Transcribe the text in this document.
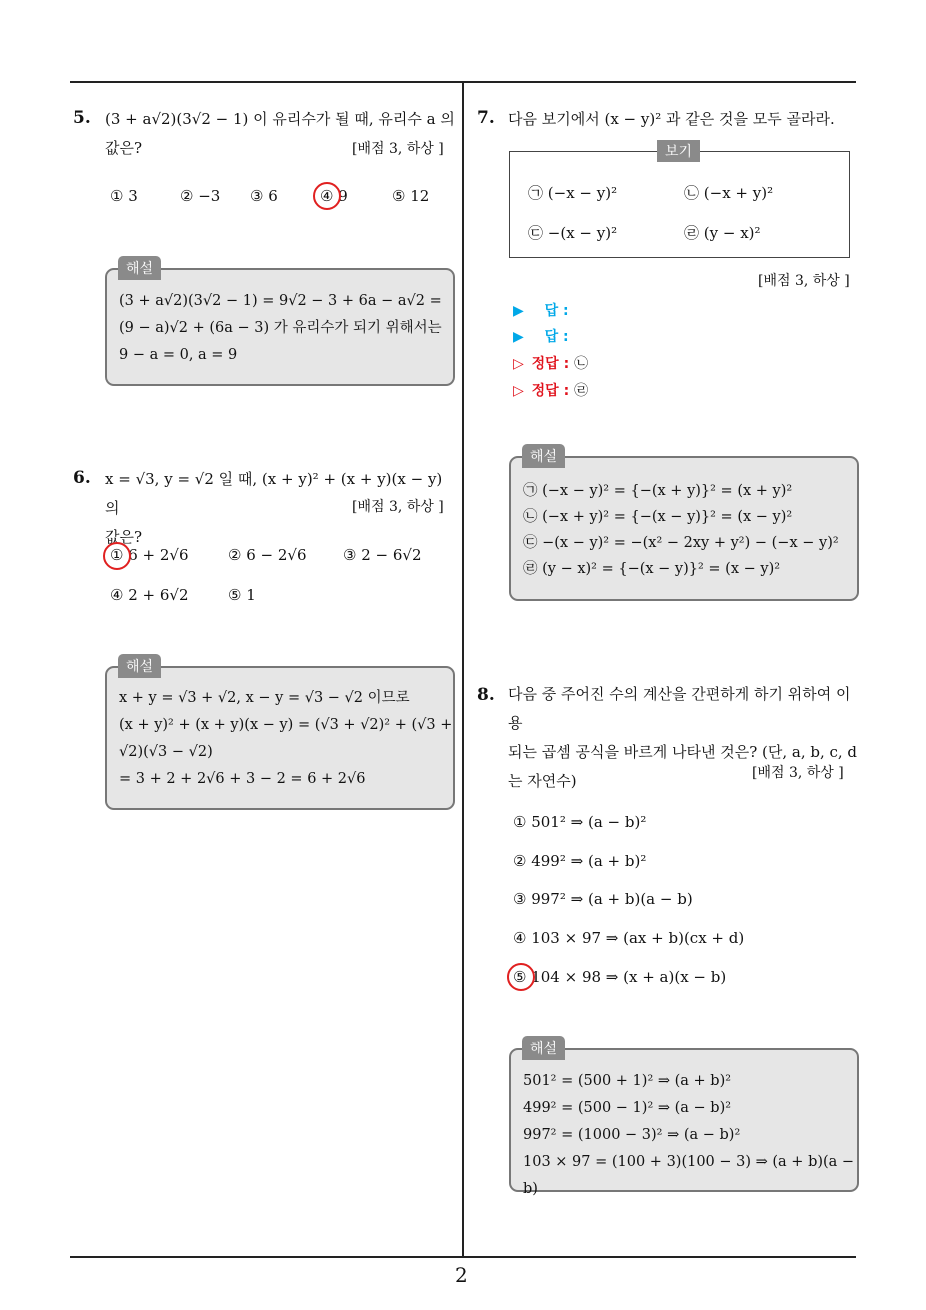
2
5. (3 + a√2)(3√2 − 1) 이 유리수가 될 때, 유리수 a 의
값은?	[배점 3, 하상 ]
① 3	② −3 ③ 6	④ 9	⑤ 12
(3 + a√2)(3√2 − 1) = 9√2 − 3 + 6a − a√2 =
(9 − a)√2 + (6a − 3) 가 유리수가 되기 위해서는
9 − a = 0, a = 9
해설
6. x = √3, y = √2 일 때, (x + y)² + (x + y)(x − y) 의
값은?
[배점 3, 하상 ]
① 6 + 2√6	② 6 − 2√6 ③ 2 − 6√2
④ 2 + 6√2	⑤ 1
x + y = √3 + √2, x − y = √3 − √2 이므로
(x + y)² + (x + y)(x − y) = (√3 + √2)² + (√3 +
√2)(√3 − √2)
= 3 + 2 + 2√6 + 3 − 2 = 6 + 2√6
해설
7. 다음 보기에서 (x − y)² 과 같은 것을 모두 골라라.
㉠ (−x − y)²	㉡ (−x + y)²
㉢ −(x − y)²	㉣ (y − x)²
보기
[배점 3, 하상 ]
▶ 답 :
▶ 답 :
▷ 정답 : ㉡
▷ 정답 : ㉣
㉠ (−x − y)² = {−(x + y)}² = (x + y)²
㉡ (−x + y)² = {−(x − y)}² = (x − y)²
㉢ −(x − y)² = −(x² − 2xy + y²) − (−x − y)²
㉣ (y − x)² = {−(x − y)}² = (x − y)²
해설
8. 다음 중 주어진 수의 계산을 간편하게 하기 위하여 이용
되는 곱셈 공식을 바르게 나타낸 것은? (단, a, b, c, d
는 자연수)	[배점 3, 하상 ]
① 501² ⇒ (a − b)²
② 499² ⇒ (a + b)²
③ 997² ⇒ (a + b)(a − b)
④ 103 × 97 ⇒ (ax + b)(cx + d)
⑤ 104 × 98 ⇒ (x + a)(x − b)
501² = (500 + 1)² ⇒ (a + b)²
499² = (500 − 1)² ⇒ (a − b)²
997² = (1000 − 3)² ⇒ (a − b)²
103 × 97 = (100 + 3)(100 − 3) ⇒ (a + b)(a − b)
해설
